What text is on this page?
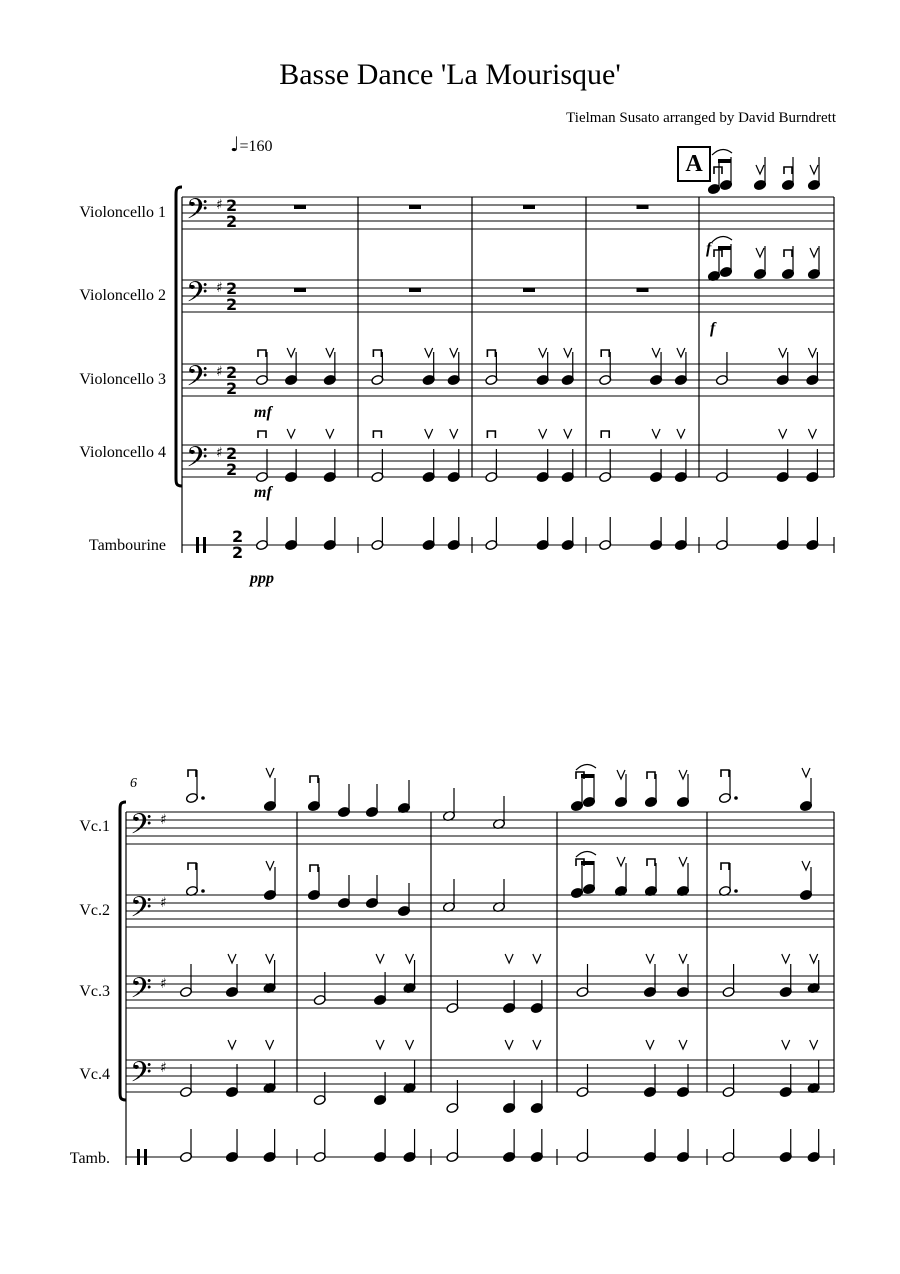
Basse Dance 'La Mourisque'
Tielman Susato arranged by David Burndrett
♩=160
A
Violoncello 1
Violoncello 2
Violoncello 3
Violoncello 4
Tambourine
f
f
mf
mf
ppp
6
Vc.1
Vc.2
Vc.3
Vc.4
Tamb.
𝄢 ♯ 2
2
𝄢 ♯ 2
2
𝄢 ♯ 2
2
𝄢 ♯ 2
2
2
2
𝄢 ♯
𝄢 ♯
𝄢 ♯
𝄢 ♯
